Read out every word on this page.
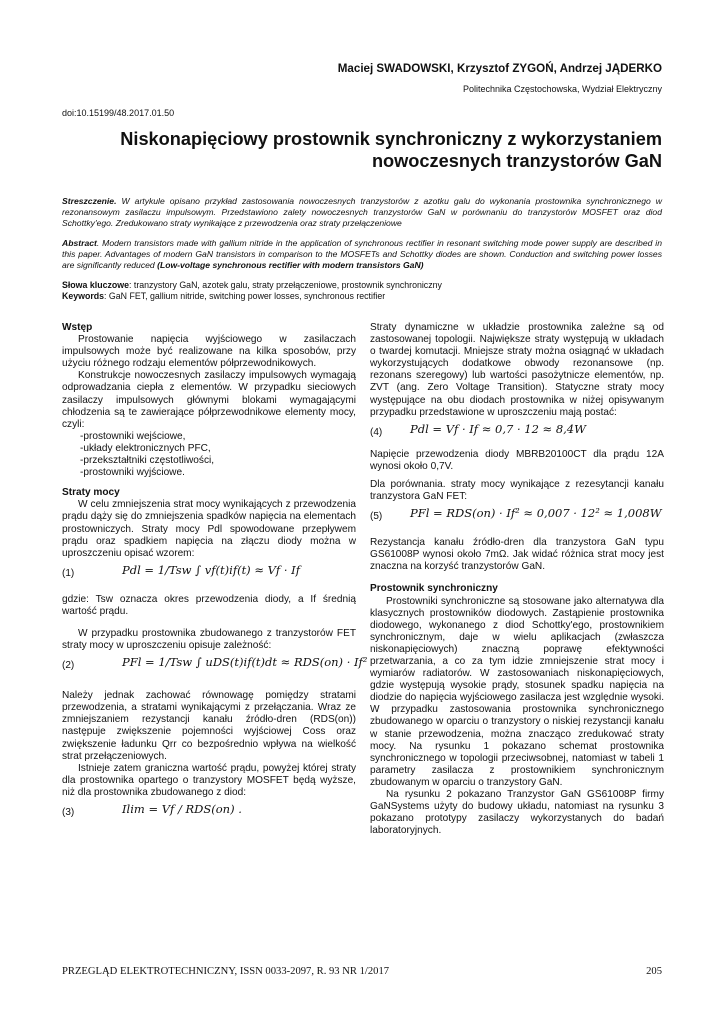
Maciej SWADOWSKI, Krzysztof ZYGOŃ, Andrzej JĄDERKO
Politechnika Częstochowska, Wydział Elektryczny
doi:10.15199/48.2017.01.50
Niskonapięciowy prostownik synchroniczny z wykorzystaniem nowoczesnych tranzystorów GaN
Streszczenie. W artykule opisano przykład zastosowania nowoczesnych tranzystorów z azotku galu do wykonania prostownika synchronicznego w rezonansowym zasilaczu impulsowym. Przedstawiono zalety nowoczesnych tranzystorów GaN w porównaniu do tranzystorów MOSFET oraz diod Schottky'ego. Zredukowano straty wynikające z przewodzenia oraz straty przełączeniowe
Abstract. Modern transistors made with gallium nitride in the application of synchronous rectifier in resonant switching mode power supply are described in this paper. Advantages of modern GaN transistors in comparison to the MOSFETs and Schottky diodes are shown. Conduction and switching power losses are significantly reduced (Low-voltage synchronous rectifier with modern transistors GaN)
Słowa kluczowe: tranzystory GaN, azotek galu, straty przełączeniowe, prostownik synchroniczny
Keywords: GaN FET, gallium nitride, switching power losses, synchronous rectifier

Wstęp

Prostowanie napięcia wyjściowego w zasilaczach impulsowych może być realizowane na kilka sposobów, przy użyciu różnego rodzaju elementów półprzewodnikowych.

Konstrukcje nowoczesnych zasilaczy impulsowych wymagają odprowadzania ciepła z elementów. W przypadku sieciowych zasilaczy impulsowych głównymi blokami wymagającymi chłodzenia są te zawierające półprzewodnikowe elementy mocy, czyli:

-prostowniki wejściowe,
-układy elektronicznych PFC,
-przekształtniki częstotliwości,
-prostowniki wyjściowe.

Straty mocy

W celu zmniejszenia strat mocy wynikających z przewodzenia prądu dąży się do zmniejszenia spadków napięcia na elementach prostowniczych. Straty mocy Pdl spowodowane przepływem prądu oraz spadkiem napięcia na złączu diody można w uproszczeniu opisać wzorem:

(1)	Pdl = 1/Tsw ∫ vf(t)if(t) ≈ Vf · If

gdzie: Tsw oznacza okres przewodzenia diody, a If średnią wartość prądu.

W przypadku prostownika zbudowanego z tranzystorów FET straty mocy w uproszczeniu opisuje zależność:

(2)	PFl = 1/Tsw ∫ uDS(t)if(t)dt ≈ RDS(on) · If²

Należy jednak zachować równowagę pomiędzy stratami przewodzenia, a stratami wynikającymi z przełączania. Wraz ze zmniejszaniem rezystancji kanału źródło-dren (RDS(on)) następuje zwiększenie pojemności wyjściowej Coss oraz zwiększenie ładunku Qrr co bezpośrednio wpływa na wielkość strat przełączeniowych.

Istnieje zatem graniczna wartość prądu, powyżej której straty dla prostownika opartego o tranzystory MOSFET będą wyższe, niż dla prostownika zbudowanego z diod:

(3)	Ilim = Vf / RDS(on) .

Straty dynamiczne w układzie prostownika zależne są od zastosowanej topologii. Największe straty występują w układach o twardej komutacji. Mniejsze straty można osiągnąć w układach wykorzystujących dodatkowe obwody rezonansowe (np. rezonans szeregowy) lub wartości pasożytnicze elementów, np. ZVT (ang. Zero Voltage Transition). Statyczne straty mocy występujące na obu diodach prostownika w niżej opisywanym przypadku przedstawione w uproszczeniu mają postać:

(4) Pdl = Vf · If ≈ 0,7 · 12 ≈ 8,4W

Napięcie przewodzenia diody MBRB20100CT dla prądu 12A wynosi około 0,7V.

Dla porównania. straty mocy wynikające z rezesytancji kanału tranzystora GaN FET:

(5) PFl = RDS(on) · If² ≈ 0,007 · 12² ≈ 1,008W

Rezystancja kanału źródło-dren dla tranzystora GaN typu GS61008P wynosi około 7mΩ. Jak widać różnica strat mocy jest znaczna na korzyść tranzystorów GaN.

Prostownik synchroniczny

Prostowniki synchroniczne są stosowane jako alternatywa dla klasycznych prostowników diodowych. Zastąpienie prostownika diodowego, wykonanego z diod Schottky'ego, prostownikiem synchronicznym, daje w wielu aplikacjach (zwłaszcza niskonapięciowych) znaczną poprawę efektywności przetwarzania, a co za tym idzie zmniejszenie strat mocy i wymiarów radiatorów. W zastosowaniach niskonapięciowych, gdzie występują wysokie prądy, stosunek spadku napięcia na diodzie do napięcia wyjściowego zasilacza jest względnie wysoki. W przypadku zastosowania prostownika synchronicznego zbudowanego w oparciu o tranzystory o niskiej rezystancji kanału w stanie przewodzenia, można znacząco zredukować straty mocy. Na rysunku 1 pokazano schemat prostownika synchronicznego w topologii przeciwsobnej, natomiast w tabeli 1 parametry zasilacza z prostownikiem synchronicznym zbudowanym w oparciu o tranzystory GaN.

Na rysunku 2 pokazano Tranzystor GaN GS61008P firmy GaNSystems użyty do budowy układu, natomiast na rysunku 3 pokazano prototypy zasilaczy wykorzystanych do badań laboratoryjnych.

PRZEGLĄD ELEKTROTECHNICZNY, ISSN 0033-2097, R. 93 NR 1/2017	205
